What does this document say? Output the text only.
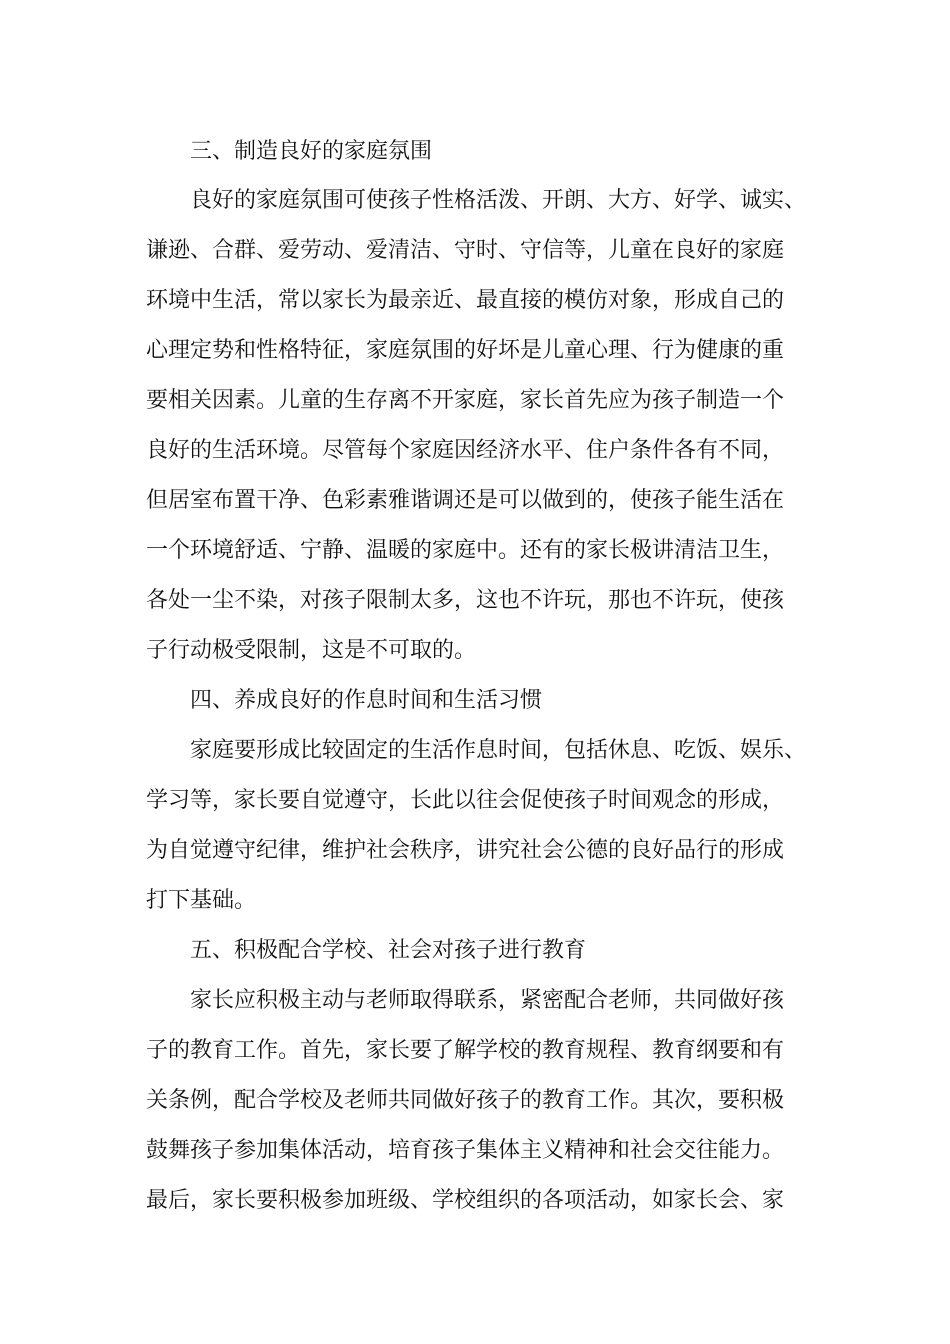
三、制造良好的家庭氛围
良好的家庭氛围可使孩子性格活泼、开朗、大方、好学、诚实、
谦逊、合群、爱劳动、爱清洁、守时、守信等，儿童在良好的家庭
环境中生活，常以家长为最亲近、最直接的模仿对象，形成自己的
心理定势和性格特征，家庭氛围的好坏是儿童心理、行为健康的重
要相关因素。儿童的生存离不开家庭，家长首先应为孩子制造一个
良好的生活环境。尽管每个家庭因经济水平、住户条件各有不同，
但居室布置干净、色彩素雅谐调还是可以做到的，使孩子能生活在
一个环境舒适、宁静、温暖的家庭中。还有的家长极讲清洁卫生，
各处一尘不染，对孩子限制太多，这也不许玩，那也不许玩，使孩
子行动极受限制，这是不可取的。
四、养成良好的作息时间和生活习惯
家庭要形成比较固定的生活作息时间，包括休息、吃饭、娱乐、
学习等，家长要自觉遵守，长此以往会促使孩子时间观念的形成，
为自觉遵守纪律，维护社会秩序，讲究社会公德的良好品行的形成
打下基础。
五、积极配合学校、社会对孩子进行教育
家长应积极主动与老师取得联系，紧密配合老师，共同做好孩
子的教育工作。首先，家长要了解学校的教育规程、教育纲要和有
关条例，配合学校及老师共同做好孩子的教育工作。其次，要积极
鼓舞孩子参加集体活动，培育孩子集体主义精神和社会交往能力。
最后，家长要积极参加班级、学校组织的各项活动，如家长会、家
